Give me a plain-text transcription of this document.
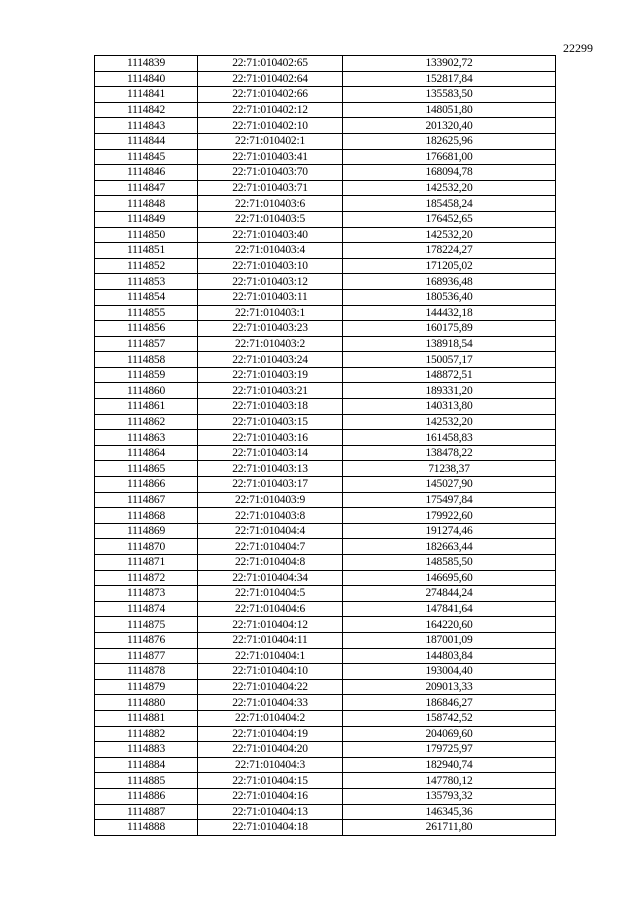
22299
1114839	22:71:010402:65	133902,72
1114840	22:71:010402:64	152817,84
1114841	22:71:010402:66	135583,50
1114842	22:71:010402:12	148051,80
1114843	22:71:010402:10	201320,40
1114844	22:71:010402:1	182625,96
1114845	22:71:010403:41	176681,00
1114846	22:71:010403:70	168094,78
1114847	22:71:010403:71	142532,20
1114848	22:71:010403:6	185458,24
1114849	22:71:010403:5	176452,65
1114850	22:71:010403:40	142532,20
1114851	22:71:010403:4	178224,27
1114852	22:71:010403:10	171205,02
1114853	22:71:010403:12	168936,48
1114854	22:71:010403:11	180536,40
1114855	22:71:010403:1	144432,18
1114856	22:71:010403:23	160175,89
1114857	22:71:010403:2	138918,54
1114858	22:71:010403:24	150057,17
1114859	22:71:010403:19	148872,51
1114860	22:71:010403:21	189331,20
1114861	22:71:010403:18	140313,80
1114862	22:71:010403:15	142532,20
1114863	22:71:010403:16	161458,83
1114864	22:71:010403:14	138478,22
1114865	22:71:010403:13	71238,37
1114866	22:71:010403:17	145027,90
1114867	22:71:010403:9	175497,84
1114868	22:71:010403:8	179922,60
1114869	22:71:010404:4	191274,46
1114870	22:71:010404:7	182663,44
1114871	22:71:010404:8	148585,50
1114872	22:71:010404:34	146695,60
1114873	22:71:010404:5	274844,24
1114874	22:71:010404:6	147841,64
1114875	22:71:010404:12	164220,60
1114876	22:71:010404:11	187001,09
1114877	22:71:010404:1	144803,84
1114878	22:71:010404:10	193004,40
1114879	22:71:010404:22	209013,33
1114880	22:71:010404:33	186846,27
1114881	22:71:010404:2	158742,52
1114882	22:71:010404:19	204069,60
1114883	22:71:010404:20	179725,97
1114884	22:71:010404:3	182940,74
1114885	22:71:010404:15	147780,12
1114886	22:71:010404:16	135793,32
1114887	22:71:010404:13	146345,36
1114888	22:71:010404:18	261711,80
